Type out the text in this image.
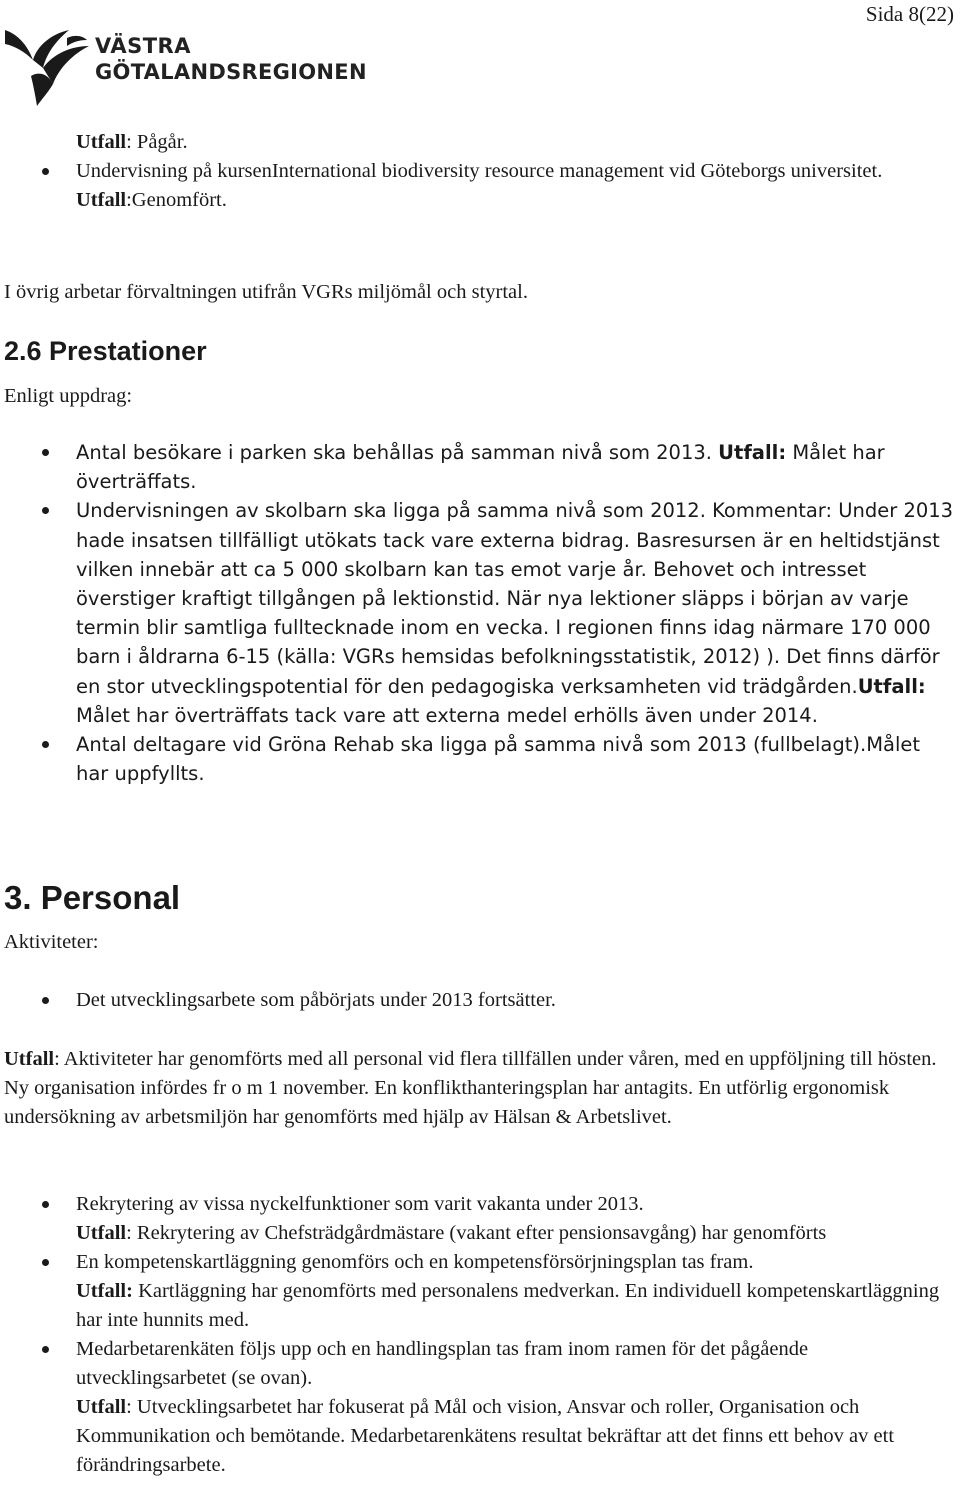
Sida 8(22)
VÄSTRA
GÖTALANDSREGIONEN
Utfall: Pågår.
Undervisning på kursenInternational biodiversity resource management vid Göteborgs universitet.
Utfall:Genomfört.

I övrig arbetar förvaltningen utifrån VGRs miljömål och styrtal.

2.6 Prestationer

Enligt uppdrag:

Antal besökare i parken ska behållas på samman nivå som 2013. Utfall: Målet har överträffats.
Undervisningen av skolbarn ska ligga på samma nivå som 2012. Kommentar: Under 2013 hade insatsen tillfälligt utökats tack vare externa bidrag. Basresursen är en heltidstjänst vilken innebär att ca 5 000 skolbarn kan tas emot varje år. Behovet och intresset överstiger kraftigt tillgången på lektionstid. När nya lektioner släpps i början av varje termin blir samtliga fulltecknade inom en vecka. I regionen finns idag närmare 170 000 barn i åldrarna 6-15 (källa: VGRs hemsidas befolkningsstatistik, 2012) ). Det finns därför en stor utvecklingspotential för den pedagogiska verksamheten vid trädgården.Utfall: Målet har överträffats tack vare att externa medel erhölls även under 2014.
Antal deltagare vid Gröna Rehab ska ligga på samma nivå som 2013 (fullbelagt).Målet har uppfyllts.
3. Personal

Aktiviteter:

Det utvecklingsarbete som påbörjats under 2013 fortsätter.

Utfall: Aktiviteter har genomförts med all personal vid flera tillfällen under våren, med en uppföljning till hösten. Ny organisation infördes fr o m 1 november. En konflikthanteringsplan har antagits. En utförlig ergonomisk undersökning av arbetsmiljön har genomförts med hjälp av Hälsan & Arbetslivet.

Rekrytering av vissa nyckelfunktioner som varit vakanta under 2013.
Utfall: Rekrytering av Chefsträdgårdmästare (vakant efter pensionsavgång) har genomförts
En kompetenskartläggning genomförs och en kompetensförsörjningsplan tas fram.
Utfall: Kartläggning har genomförts med personalens medverkan. En individuell kompetenskartläggning har inte hunnits med.
Medarbetarenkäten följs upp och en handlingsplan tas fram inom ramen för det pågående utvecklingsarbetet (se ovan).
Utfall: Utvecklingsarbetet har fokuserat på Mål och vision, Ansvar och roller, Organisation och Kommunikation och bemötande. Medarbetarenkätens resultat bekräftar att det finns ett behov av ett förändringsarbete.
